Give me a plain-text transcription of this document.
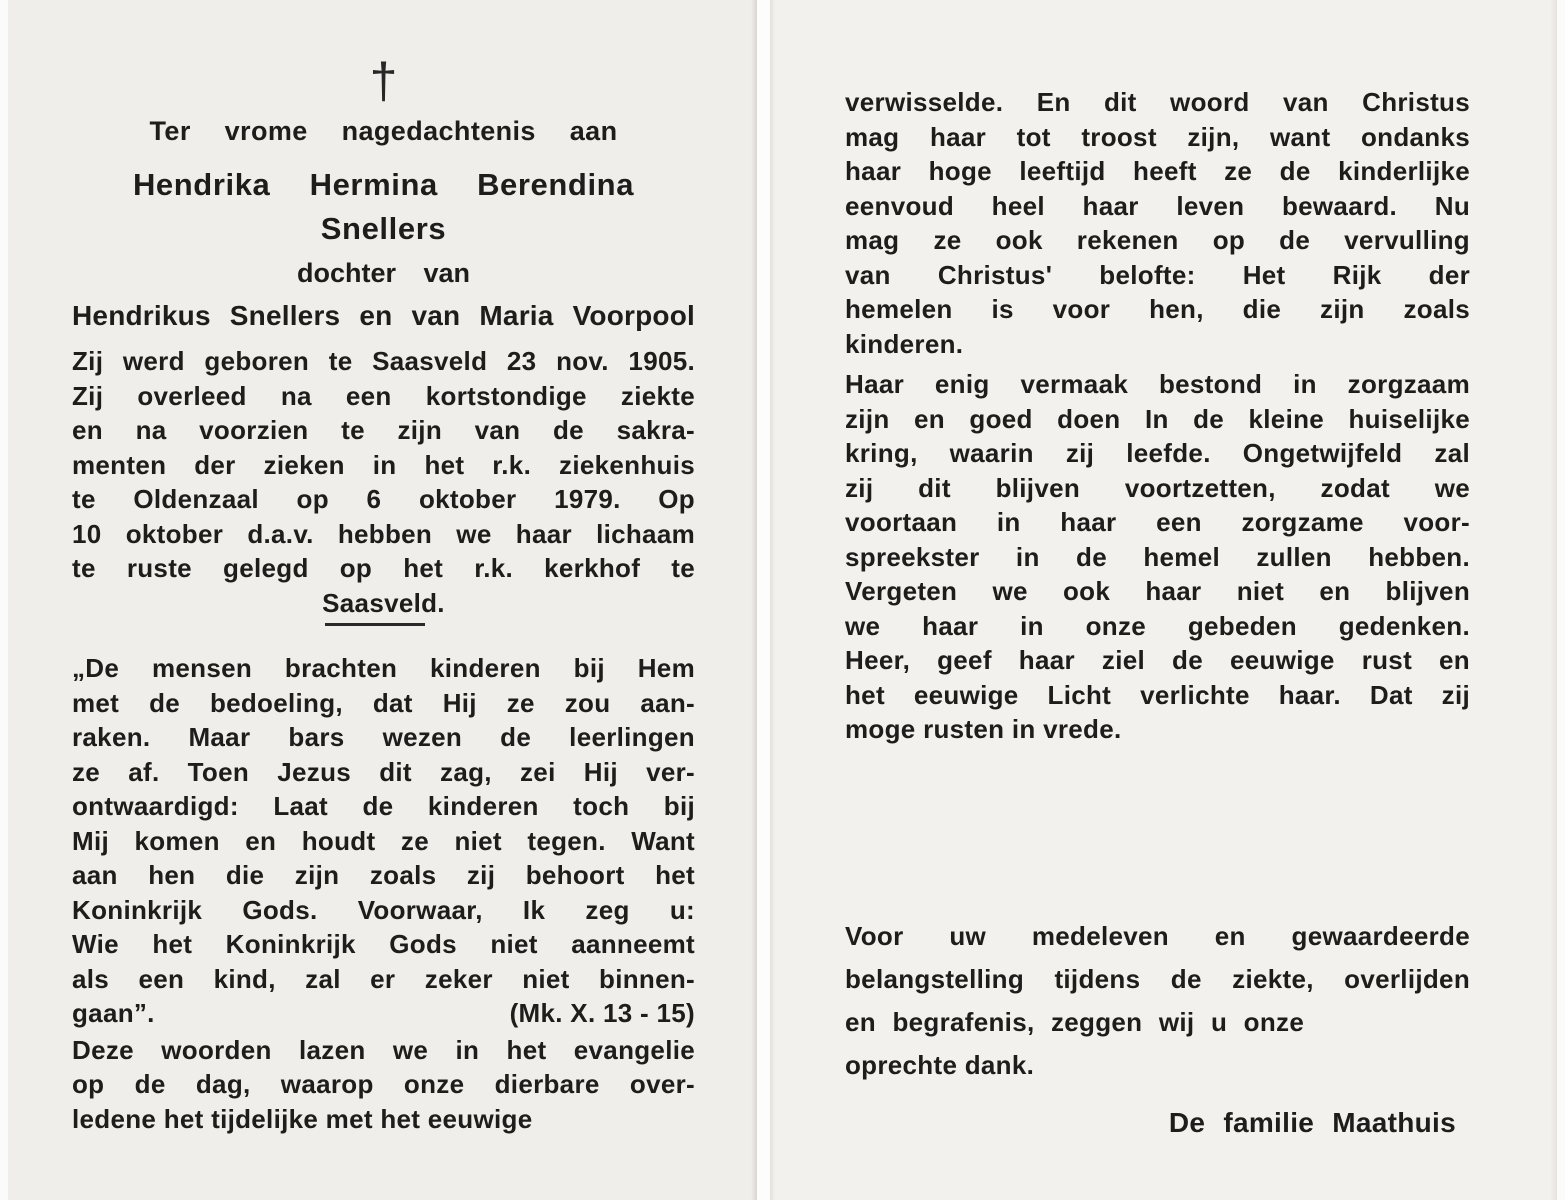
†
Ter vrome nagedachtenis aan
Hendrika Hermina Berendina
Snellers
dochter van
Hendrikus Snellers en van Maria Voorpool
Zij werd geboren te Saasveld 23 nov. 1905.
Zij overleed na een kortstondige ziekte
en na voorzien te zijn van de sakra-
menten der zieken in het r.k. ziekenhuis
te Oldenzaal op 6 oktober 1979. Op
10 oktober d.a.v. hebben we haar lichaam
te ruste gelegd op het r.k. kerkhof te
Saasveld.
„De mensen brachten kinderen bij Hem
met de bedoeling, dat Hij ze zou aan-
raken. Maar bars wezen de leerlingen
ze af. Toen Jezus dit zag, zei Hij ver-
ontwaardigd: Laat de kinderen toch bij
Mij komen en houdt ze niet tegen. Want
aan hen die zijn zoals zij behoort het
Koninkrijk Gods. Voorwaar, Ik zeg u:
Wie het Koninkrijk Gods niet aanneemt
als een kind, zal er zeker niet binnen-
gaan”.	(Mk. X. 13 - 15)
Deze woorden lazen we in het evangelie
op de dag, waarop onze dierbare over-
ledene het tijdelijke met het eeuwige
verwisselde. En dit woord van Christus
mag haar tot troost zijn, want ondanks
haar hoge leeftijd heeft ze de kinderlijke
eenvoud heel haar leven bewaard. Nu
mag ze ook rekenen op de vervulling
van Christus' belofte: Het Rijk der
hemelen is voor hen, die zijn zoals
kinderen.
Haar enig vermaak bestond in zorgzaam
zijn en goed doen In de kleine huiselijke
kring, waarin zij leefde. Ongetwijfeld zal
zij dit blijven voortzetten, zodat we
voortaan in haar een zorgzame voor-
spreekster in de hemel zullen hebben.
Vergeten we ook haar niet en blijven
we haar in onze gebeden gedenken.
Heer, geef haar ziel de eeuwige rust en
het eeuwige Licht verlichte haar. Dat zij
moge rusten in vrede.
Voor uw medeleven en gewaardeerde
belangstelling tijdens de ziekte, overlijden
en begrafenis, zeggen wij u onze
oprechte dank.
De familie Maathuis
